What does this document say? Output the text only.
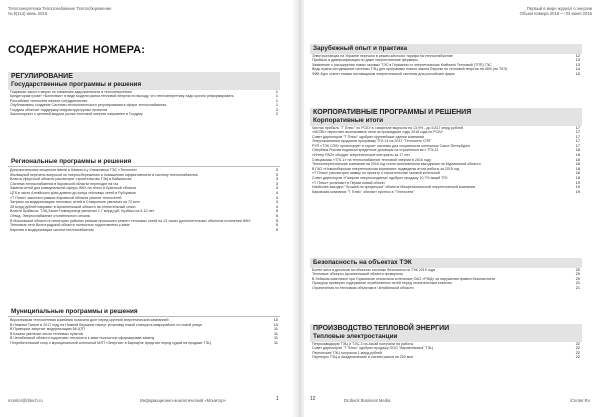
Теплоэнергетика Теплоснабжение Теплосбережение
№ 6(114) июнь 2016
СОДЕРЖАНИЕ НОМЕРА:
РЕГУЛИРОВАНИЕ
Государственные программы и решения
Подписан закон о мерах по снижению задолженности в теплоэнергетике	1
Кредиторам грозит «Болезнью» в виде модели рынка тепловой энергии по выходу, что теплоэнергетику надо срочно реформировать	1
Российские теплосети начали сотрудничество	1
Опубликовано создание Системы технологического регулирования в сфере теплоснабжения	1
Госдума облегчит поддержку инфраструктурных проектов	2
Законопроект о целевой модели рынка тепловой энергии направлен в Госдуму	2
Региональные программы и решения
Дополнительные мощности ввели в Казани и у Ульяновска ТЭС «Технолог»	3
Жилищный перечень вопросов по энергосбережению и повышению эффективности в систему теплоснабжения	3
Власти Иркутской области рассмотрят строительство ТЭЦ в Байкальске	3
Система теплоснабжения в Кировской области переходит на газ	3
Замена сетей для коммунальной сферы ЖКХ на тепло в Брянской области	3
ЦТК в части Алтайского края довели до конца тепловых сетей в Рубцовске	4
«Т Плюс» закончил рамках Кировской области ремонт теплосетей	4
Затраты на модернизацию тепловых сетей в Ставрополе увеличат на 73 млн	4
28 млрд рублей направят в Архангельской области на отопительный сезон	4
Власти Кузбасса: ТЭЦ Бачат Новокузнецк увеличил 1,7 млрд руб. Кузбасс на 5-10 лет	5
Отвод: Энергоснабжение отопительного сезона	5
В Московской области в некоторых районах раньше произошел ремонт тепловых сетей на 13 тысяч дополнительных объектов отопления ЖКХ	5
Тепловые сети Волгоградской области полностью подготовлены к зиме	5
Карелия в модернизации систем теплоснабжения	5
Муниципальные программы и решения
Воронежская теплосетевая компания погасила долг перед крупной энергетической компанией	10
В Нижнем Тагиле в 2017 году на Нижней Вершине начнут установку новой станции в микрорайоне по новой улице	10
В Приморье запустят модернизацию 58 ЦТП	11
В Казани увеличат число тепловых пунктов	11
В Челябинской области подготовят теплосети к зиме полностью сформировав замену	11
Потребительский спор о муниципальной котельной МУП «Энергия» в Барнауле предстал перед судом на продаже ТЭЦ	11
monitor@rbtech.ru	Информационно-аналитический «Монитор»	1
Первый в мире журнал о энергии
Объем номера 2016 — 03 июня 2016
Зарубежный опыт и практика
Электростанции на Украине перешли в режим жёсткого тарифа на теплоснабжение	12
Прибыль и диверсификация по даже энергетические фермеры	13
Заявление о расширении новых газовых ТЭС в Германии от энергетических Kraftwerk Тепловой (ТПП) ГЭС	13
Ведь нужна сегодняшние системы ТЭЦ для программы нового закона Европы по тепловой энергии на 45% (по ТКЭ)	14
ФИК Agro станет новым поставщиком энергетической системы для российских фирм	15
КОРПОРАТИВНЫЕ ПРОГРАММЫ И РЕШЕНИЯ
Корпоративные итоги
Чистая прибыль "Т Плюс" по РСБУ в I квартале выросла на 13,9% - до 5,817 млрд рублей	17
«МОЭК» перестает выплачивать пени за прошедшие годы 2016 года по РСБУ	17
Совет директоров "Т Плюс" одобрил крупнейшие сделки компании	17
Энергокомпания продлила программу ТГК-14 на 2017 "Теплосеть СПб"	17
РУП «ТЭК СПб» проектирует и строит системы для сохранности котельных Санкт-Петербурга	17
Сбербанк России подписал кредитные договоры на строительство с ТГК-11	18
«Интер РАО» обсудит энергетические контракты за 17 лет	18
Спецзаказы «ТГК-1» на теплоснабжение тепловой энергии в 2016 году	18
Теплоэнергетические компании на 2016 год стали экономически выгодными на Мурманской области	18
В ГАО «Новосибирская энергетическая компания» подведены итоги работы за 2015 год	18
«Т Плюс» рассмотрел заявку по проекту о строительстве газовой котельной	18
Совет директоров «Газпром энергохолдинга» одобрил продажу 10,7% акций ТГК	18
«Т Плюс» установит в Перми новый объект	19
Наиболее выгодно "Лучшей по профессии" объекты Межрегиональной энергетической компании	19
Кировская компания "Т Плюс" обновит прогноз в "Теплосети"	19
Безопасность на объектах ТЭК
Более шести десятков на объектах системы безопасности ТЭК 2015 года	20
Тепловые объекты Архангельской области проверены	20
В Зейском комплексе при Горкомхозе отключили котельные ОАО «РЖД» за нарушения правил безопасности	20
Прокурор проверил содержание отработанных сетей перед отопительным сезоном	21
Ограничения по тепловым объектам в Челябинской области	21
ПРОИЗВОДСТВО ТЕПЛОВОЙ ЭНЕРГИИ
Тепловые электростанции
Петрозаводскую ТЭЦ и ТЭС-3 на Аксай получили на работы	22
Совет директоров "Т Плюс" одобрил продажу ООО "Кировтехника" ТЭЦ	22
Пертонская ТЭЦ получила 1 млрд рублей	22
Партнеры ТЭЦ и Академические в систем рынка на 200 млн	22
12	Drobeck Business Media	iCenter.Ru
